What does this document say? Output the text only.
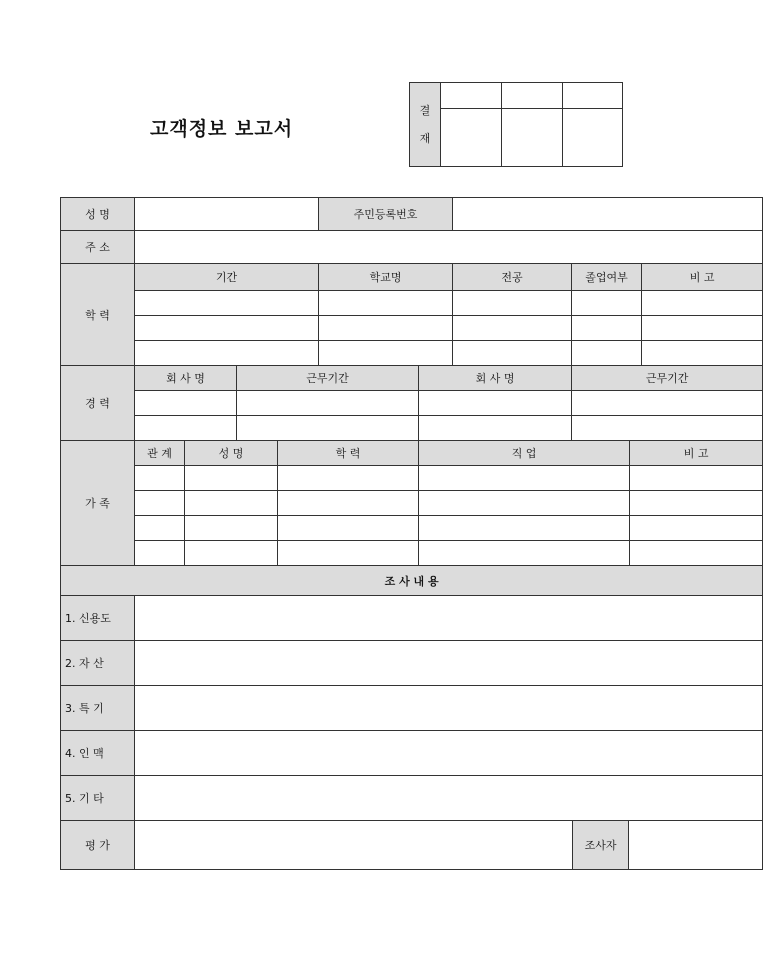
고객정보 보고서
결
재			

성 명					주민등록번호					
주 소										
학 력	기간				학교명		전공	졸업여부		비 고

경 력	회 사 명		근무기간			회 사 명		근무기간		

가 족	관 계	성 명		학 력		직 업			비 고	

조 사 내 용										
1. 신용도										
2. 자 산										
3. 특 기										
4. 인 맥										
5. 기 타										
평 가								조사자		
